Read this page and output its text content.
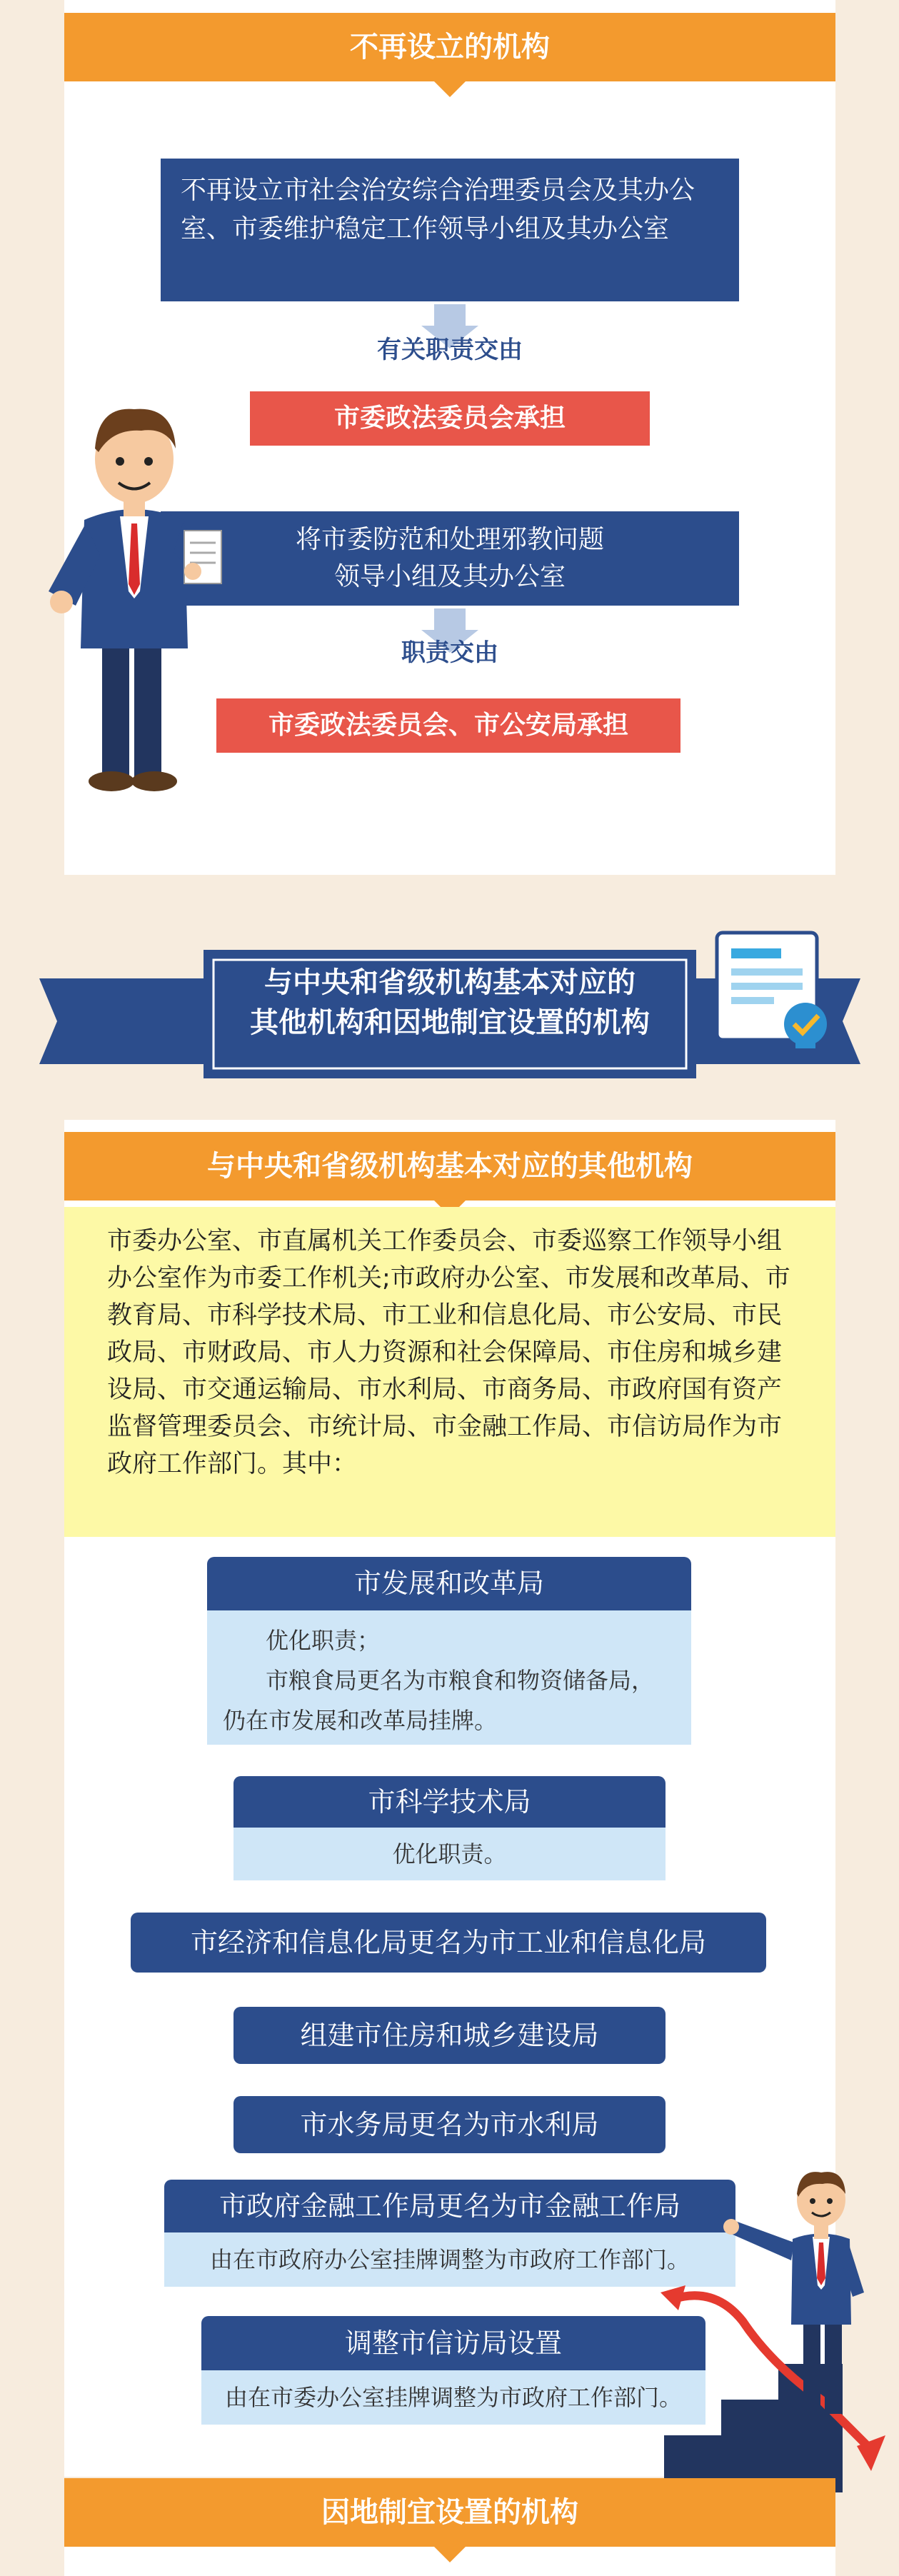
不再设立的机构
不再设立市社会治安综合治理委员会及其办公室、市委维护稳定工作领导小组及其办公室
有关职责交由
市委政法委员会承担
将市委防范和处理邪教问题
领导小组及其办公室
职责交由
市委政法委员会、市公安局承担
与中央和省级机构基本对应的
其他机构和因地制宜设置的机构
与中央和省级机构基本对应的其他机构
市委办公室、市直属机关工作委员会、市委巡察工作领导小组办公室作为市委工作机关;市政府办公室、市发展和改革局、市教育局、市科学技术局、市工业和信息化局、市公安局、市民政局、市财政局、市人力资源和社会保障局、市住房和城乡建设局、市交通运输局、市水利局、市商务局、市政府国有资产监督管理委员会、市统计局、市金融工作局、市信访局作为市政府工作部门。其中：
市发展和改革局
优化职责；
市粮食局更名为市粮食和物资储备局，仍在市发展和改革局挂牌。
市科学技术局
优化职责。
市经济和信息化局更名为市工业和信息化局
组建市住房和城乡建设局
市水务局更名为市水利局
市政府金融工作局更名为市金融工作局
由在市政府办公室挂牌调整为市政府工作部门。
调整市信访局设置
由在市委办公室挂牌调整为市政府工作部门。
因地制宜设置的机构
